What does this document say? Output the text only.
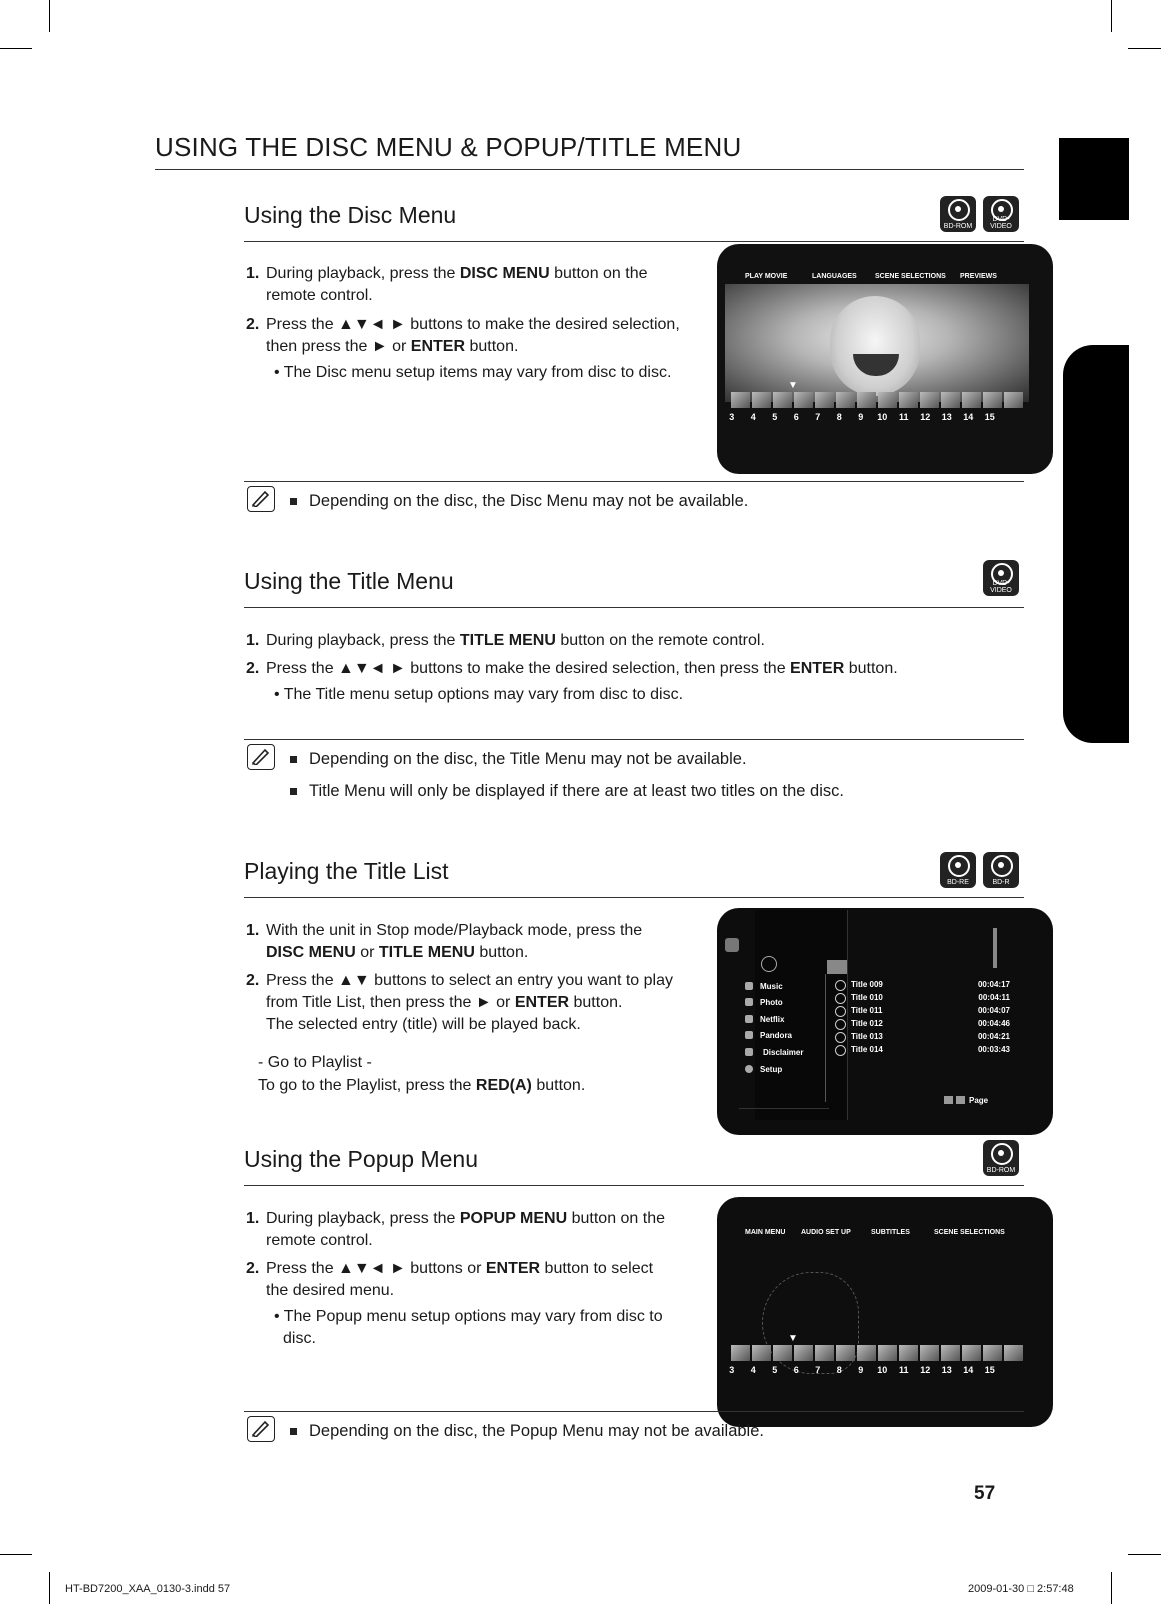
USING THE DISC MENU & POPUP/TITLE MENU
Using the Disc Menu	BD-ROM
DVD-VIDEO
1. During playback, press the DISC MENU button on the
remote control.
2. Press the ▲▼◄ ► buttons to make the desired selection,
then press the ► or ENTER button.
• The Disc menu setup items may vary from disc to disc.
PLAY MOVIE	LANGUAGES	SCENE SELECTIONS PREVIEWS
▼
3	4	5	6	7	8	9	10	11	12	13	14	15
Depending on the disc, the Disc Menu may not be available.
Using the Title Menu	DVD-VIDEO
1. During playback, press the TITLE MENU button on the remote control.
2. Press the ▲▼◄ ► buttons to make the desired selection, then press the ENTER button.
• The Title menu setup options may vary from disc to disc.
Depending on the disc, the Title Menu may not be available.
Title Menu will only be displayed if there are at least two titles on the disc.
Playing the Title List	BD-RE	BD-R
1. With the unit in Stop mode/Playback mode, press the
DISC MENU or TITLE MENU button.
2. Press the ▲▼ buttons to select an entry you want to play
from Title List, then press the ► or ENTER button.
The selected entry (title) will be played back.
- Go to Playlist -
To go to the Playlist, press the RED(A) button.
Music
Photo
Netflix
Pandora
Disclaimer
Setup
Title 009	00:04:17
Title 010	00:04:11
Title 011	00:04:07
Title 012	00:04:46
Title 013	00:04:21
Title 014	00:03:43
Page
Using the Popup Menu	BD-ROM
1. During playback, press the POPUP MENU button on the
remote control.
2. Press the ▲▼◄ ► buttons or ENTER button to select
the desired menu.
• The Popup menu setup options may vary from disc to
disc.
MAIN MENU AUDIO SET UP	SUBTITLES	SCENE SELECTIONS
▼
3	4	5	6	7	8	9	10	11	12	13	14	15
Depending on the disc, the Popup Menu may not be available.
57
HT-BD7200_XAA_0130-3.indd 57	2009-01-30 □ 2:57:48
